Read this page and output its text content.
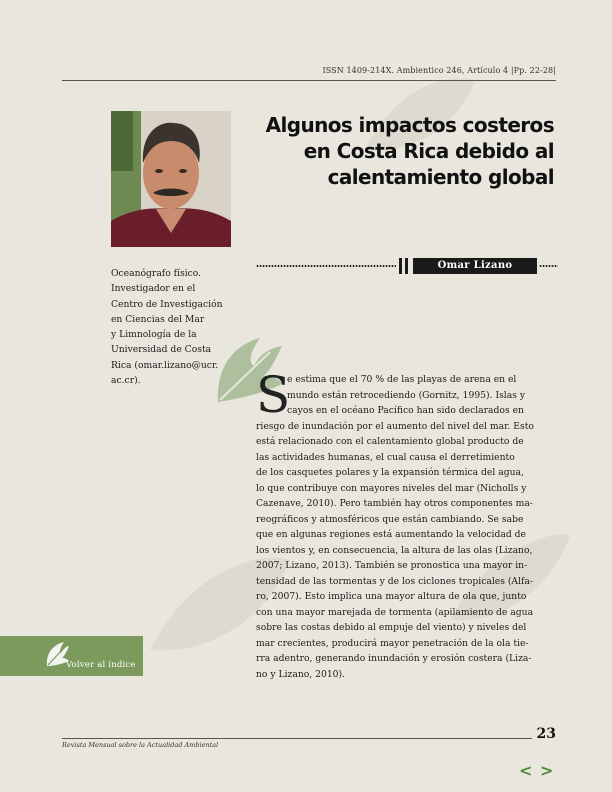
ISSN 1409-214X. Ambientico 246, Artículo 4 |Pp. 22-28|
Algunos impactos costeros
en Costa Rica debido al
calentamiento global
Omar Lizano
Oceanógrafo físico.
Investigador en el
Centro de Investigación
en Ciencias del Mar
y Limnología de la
Universidad de Costa
Rica (omar.lizano@ucr.
ac.cr).	S
e estima que el 70 % de las playas de arena en el
mundo están retrocediendo (Gornitz, 1995). Islas y
cayos en el océano Pacífico han sido declarados en
riesgo de inundación por el aumento del nivel del mar. Esto
está relacionado con el calentamiento global producto de
las actividades humanas, el cual causa el derretimiento
de los casquetes polares y la expansión térmica del agua,
lo que contribuye con mayores niveles del mar (Nicholls y
Cazenave, 2010). Pero también hay otros componentes ma-
reográficos y atmosféricos que están cambiando. Se sabe
que en algunas regiones está aumentando la velocidad de
los vientos y, en consecuencia, la altura de las olas (Lizano,
2007; Lizano, 2013). También se pronostica una mayor in-
tensidad de las tormentas y de los ciclones tropicales (Alfa-
ro, 2007). Esto implica una mayor altura de ola que, junto
con una mayor marejada de tormenta (apilamiento de agua
sobre las costas debido al empuje del viento) y niveles del
mar crecientes, producirá mayor penetración de la ola tie-
rra adentro, generando inundación y erosión costera (Liza-
no y Lizano, 2010).
Volver al índice
23
Revista Mensual sobre la Actualidad Ambiental
< >
